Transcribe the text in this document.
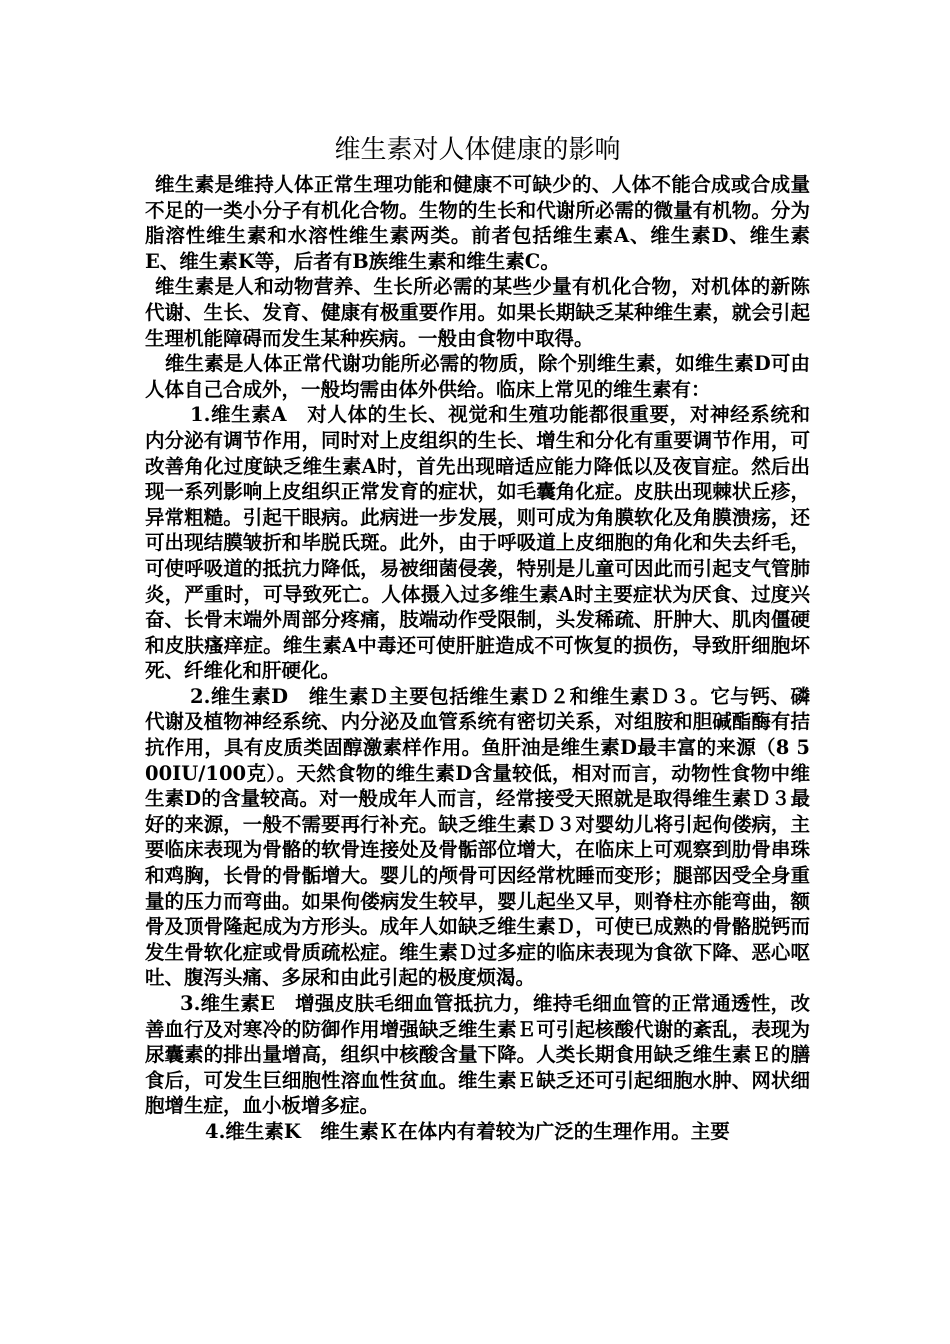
维生素对人体健康的影响

维生素是维持人体正常生理功能和健康不可缺少的、人体不能合成或合成量不足的一类小分子有机化合物。生物的生长和代谢所必需的微量有机物。分为脂溶性维生素和水溶性维生素两类。前者包括维生素A、维生素D、维生素E、维生素K等，后者有B族维生素和维生素C。

维生素是人和动物营养、生长所必需的某些少量有机化合物，对机体的新陈代谢、生长、发育、健康有极重要作用。如果长期缺乏某种维生素，就会引起生理机能障碍而发生某种疾病。一般由食物中取得。

维生素是人体正常代谢功能所必需的物质，除个别维生素，如维生素D可由人体自己合成外，一般均需由体外供给。临床上常见的维生素有：

1.维生素A　对人体的生长、视觉和生殖功能都很重要，对神经系统和内分泌有调节作用，同时对上皮组织的生长、增生和分化有重要调节作用，可改善角化过度缺乏维生素A时，首先出现暗适应能力降低以及夜盲症。然后出现一系列影响上皮组织正常发育的症状，如毛囊角化症。皮肤出现棘状丘疹，异常粗糙。引起干眼病。此病进一步发展，则可成为角膜软化及角膜溃疡，还可出现结膜皱折和毕脱氏斑。此外，由于呼吸道上皮细胞的角化和失去纤毛，可使呼吸道的抵抗力降低，易被细菌侵袭，特别是儿童可因此而引起支气管肺炎，严重时，可导致死亡。人体摄入过多维生素A时主要症状为厌食、过度兴奋、长骨末端外周部分疼痛，肢端动作受限制，头发稀疏、肝肿大、肌肉僵硬和皮肤瘙痒症。维生素A中毒还可使肝脏造成不可恢复的损伤，导致肝细胞坏死、纤维化和肝硬化。

2.维生素D　维生素Ｄ主要包括维生素Ｄ２和维生素Ｄ３。它与钙、磷代谢及植物神经系统、内分泌及血管系统有密切关系，对组胺和胆碱酯酶有拮抗作用，具有皮质类固醇激素样作用。鱼肝油是维生素D最丰富的来源（8 500IU/100克）。天然食物的维生素D含量较低，相对而言，动物性食物中维生素D的含量较高。对一般成年人而言，经常接受天照就是取得维生素Ｄ３最好的来源，一般不需要再行补充。缺乏维生素Ｄ３对婴幼儿将引起佝偻病，主要临床表现为骨骼的软骨连接处及骨骺部位增大，在临床上可观察到肋骨串珠和鸡胸，长骨的骨骺增大。婴儿的颅骨可因经常枕睡而变形；腿部因受全身重量的压力而弯曲。如果佝偻病发生较早，婴儿起坐又早，则脊柱亦能弯曲，额骨及顶骨隆起成为方形头。成年人如缺乏维生素Ｄ，可使已成熟的骨骼脱钙而发生骨软化症或骨质疏松症。维生素Ｄ过多症的临床表现为食欲下降、恶心呕吐、腹泻头痛、多尿和由此引起的极度烦渴。

3.维生素E　增强皮肤毛细血管抵抗力，维持毛细血管的正常通透性，改善血行及对寒冷的防御作用增强缺乏维生素Ｅ可引起核酸代谢的紊乱，表现为尿囊素的排出量增高，组织中核酸含量下降。人类长期食用缺乏维生素Ｅ的膳食后，可发生巨细胞性溶血性贫血。维生素Ｅ缺乏还可引起细胞水肿、网状细胞增生症，血小板增多症。

4.维生素K　维生素Ｋ在体内有着较为广泛的生理作用。主要
